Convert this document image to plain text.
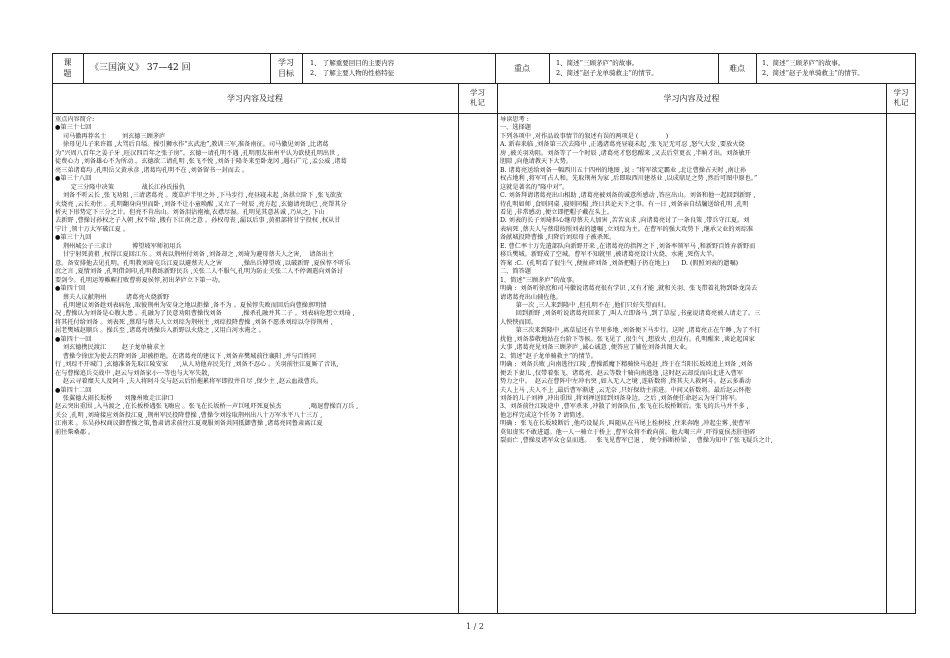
课
题
《三国演义》 37—42 回
学习
目标
1、 了解重要回目的主要内容
2、 了解主要人物的性格特征
重点
1、简述“三顾茅庐”的故事。
2、简述“赵子龙单骑救主”的情节。
难点
1、简述“三顾茅庐”的故事。
2、简述“赵子龙单骑救主”的情节。
学习内容及过程
学习
札记	学习内容及过程
学习
札记
重点内容简介:
●第三十七回
司马徽再荐名士        刘玄德三顾茅庐
徐母见儿子来许都 ,大骂后自缢。操引狮水作“玄武池”,教训三军,准备南征。司马徽见刘备 ,比诸葛
为“兴周八百年之姜子牙 ,旺汉四百年之张子房”。玄德一请孔明不遇 ,孔明朋友崔州平认为欲使孔明出世 ,
徒费心力 ,刘备雄心不为所动 。玄德欲二请孔明 ,张飞不悦 ,刘备于隆冬来至卧龙冈 ,遇石广元 ,孟公威 ,诸葛
亮三弟诸葛均 ,孔明岳父黄承彦 ,诸葛均孔明不在 ,刘备留书一封而去 。
●第三十八回
定三分隆中决策              战长江孙氏报仇
刘备不听云长 ,张飞劝阻 ,三请诸葛亮 。蔑草庐半里之外 ,下马步行 ,亮昼寝未起 ,备拱立阶下 ,张飞欲放
火烧亮 ,云长劝住 。孔明翻身向里而卧 ,刘备不让小童唤醒 ,又立了一时辰 ,亮方起 ,玄德请亮助已 ,亮帮其分
析天下形势定下三分之计。但亮不肯出山。刘备泪沾袍袖,衣襟尽湿。孔明见其意甚诚 ,乃从之, 下山
去新野 ,曹操讨孙权之子入朝 ,权不给 ,搬有下江南之意 。孙权母丧 ,漏以后事 ,黄祖部将甘宁投权 ,权从甘
宁计 ,领十万大军破江夏 。
●第三十九回
荆州城公子三求计          博望坡军师初用兵
甘宁射死黄祖 ,权得江夏回江东 。刘表以荆州付刘备 ,刘备却之 ,刘琦为避母蔡夫人之害,    请备出主
意。备安排他去见孔明。孔明教刘琦屯兵江夏以避蔡夫人之害          ,操出兵博望坡 ,以破新野 ,夏侯惇不听乐
庶之言 ,夏情刘备 ,孔明借剑印,孔明教练新野民兵 ,关张二人不服气,孔明为防止关张二人不停调遣向刘备讨
要剑令。孔明运筹帷幄打败曹将夏侯惇,初出茅庐立下第一功。
●第四十回
蔡夫人议献荆州          诸葛亮火烧新野
孔明建议刘备趁刘表病危 ,取彼荆州为安身之地以拒操 ,备不为 。夏侯惇失败而回后向曹操禀明情
况 ,曹操认为刘备是心腹大患 。孔融为了民意劝阻曹操伐刘备          ,操杀孔融并其二子 。刘表病危想立刘琦 ,
将其托付给刘备 。刘表死 ,蔡瑁与蔡夫人立刘琮为荆州主 ,刘琮投降曹操 ,刘备不愿杀刘琮以夺得荆州 ,
屈老樊城赵顺兵 。操兵至 ,诸葛亮诱操兵入新野以火烧之 ,又用白河水淹之 。
●第四十一回
刘玄德携民渡江        赵子龙单骑求主
曹操令徐庶为使去召降刘备 ,却被拒绝。在诸葛亮的建议下 ,刘备弃樊城前往襄阳 ,并与百姓同
行 ,刘琮不开城门 ,玄德准备先取江陵安家      ,从人劝他弃民先行 ,刘备不忍心 。关羽前往江夏厮了音讯,
在与曹操追兵交战中 ,赵云与刘备家小一等也与大军失散,
赵云寻着糜夫人及阿斗 ,夫人将阿斗交与赵云后怕拖累将军即投井自尽 ,保少主 ,赵云血战曹兵。
●第四十二回
张翼德大闹长坂桥      刘豫州败走江津口
赵云突出重围 ,入马渡之 ,在长板桥遇张飞嗨应 。张飞在长坂桥一声巨吼吓死夏侯杰              ,喝退曹操百万兵 ,
关公 ,孔明 ,刘琦接应刘备投江夏 ,荆州军民投降曹操 ,曹操令刘铨取荆州出八十万军水平八十三万 ,
江南来 。东吴孙权商议御曹操之策,鲁肃请求前往江夏观服刘备共同抵御曹操 ,诸葛亮同鲁肃离江夏
前往柴桑郡 。
导读思考 :
一、选择题
下列各项中 ,对作品故事情节的叙述有误的两项是 (              )
A. 新春来临 ,刘备第三次去隆中 ,正遇诸葛亮昼寝未起 ,张飞足无可忍 ,怒气大发 ,要放火烧
房 ,被关羽劝阻。刘备等了一个时辰 ,诸葛亮才悠悠醒来 ,又去后堂更衣 ,半晌才出。刘备敏开
胆隙 ,向他请教天下大势。
B. 诸葛亮送给刘备一幅西川五十四州的地图 ,说 : “将军欲定霸业 ,北让曹操占天时 ,南让孙
权占地利 ,将军可占人和。先取荆州为家 ,后即取西川建基业 ,以成鼎足之势 ,然后可图中原也。”
这就是著名的“隆中对”。
C. 刘备拜请诸葛亮出山相助 ,诸葛亮被刘备的诚意所感动 ,答应出山。刘备和他一起回到新野 ,
待孔明如师 ,食则同桌 ,寝则同榻 ,终日共论天下之事。有一日 ,刘备亲自结牖送给孔明 ,孔明
看见 ,非常感动 ,便立即把帽子戴在头上。
D. 刘表的长子刘琦担心继母蔡夫人加害 ,苦苦哀求 ,向诸葛亮讨了一条良策 ,带兵守江夏。刘
表病死 ,蔡夫人与蔡瑁按照刘表的遗嘱 ,立刘琮为主。在曹军的强大攻势下 ,继承父业的刘琮准
备献城投降曹操 ,归降后刘琮母子被杀死。
E. 曹仁率十万先遣部队向新野开来 ,在诸葛亮的指挥之下 ,刘备率领军马 ,和新野百姓弃新野而
移兵樊城。新野成了空城。曹军不知就里 ,被诸葛亮设计火烧、水淹 ,死伤大半。
答案 :C.  (孔明看了很生气 ,便扯碎刘备 ,刘备把帽子扔在地上)      D. (假照刘表的遗嘱)
二、简答题
1、简述“三顾茅庐”的故事。
明确 :  刘备听徐庶和司马徽说诸葛亮很有学识 ,又有才能 ,就和关羽、张飞带着礼物到卧龙岗去
请诸葛亮出山辅佐他。
第一次 ,三人来到隆中 ,但孔明不在 ,他们只好失望而归。
回到新野 ,刘备听说诸葛亮回来了 ,叫人立即备马 ,到了草屋 ,书童说诸葛亮被人请走了。三
人怏怏而回。
第三次来到隆中 ,离草屋还有半里多地 ,刘备便下马步行。这时 ,诸葛亮正在午睡 ,为了不打
扰他 ,刘备恭敬地站在台阶下等候。张飞见了 ,很生气 ,想放火 ,但没有。孔明醒来 ,谈论起国家
大事 ,诸葛亮见刘备三顾茅庐 ,诚心诚意 ,便答应了辅佐刘备共图大业。
2、简述“赵子龙单骑救主”的情节。
明确 :  刘备兵败 ,向南逃往江陵 ,曹操派魔下精骑快马追赶 ,终于在当阳长坂坡追上刘备 ,刘备
便丢下妻儿 ,仅带着张飞、诸葛亮、赵云等数十骑向南逃逸 ,这时赵云却反而向北进入曹军
势力之中。  赵云在曹阵中左冲右突 ,如入无人之境 ,连斩数将 ,终其夫人救阿斗。赵云多番动
夫人上马 ,夫人不上 ,最后曹军渐进 ,云无奈 ,只好保幼主前进。中间又斩数将。最后赵云怀抱
刘备的儿子刘禅 ,冲出重围 ,将刘禅送回到刘备身边。之后 ,刘备便任命赵云为牙门将军。
3、刘备前往江陵途中 ,曹军杀来 ,冲散了刘备队伍 ,张飞在长坂桥断后。张飞的兵马并不多 ,
他怎样完成这个任务 ? 请简述。
明确 :  张飞在长坂坡断后 ,他巧设疑兵 ,叫随从在马尾上拴树枝 ,往来奔跑 ,冲起尘雾 ,使曹军
莫知虚实不敢进逼。他一人一骑立于桥上 ,曹军众将不敢向前。他大喝三声 ,吓得夏侯杰肝胆碎
裂而亡 ,曹操及诸军众仓皇而逃。   张飞见曹军已退 ,   便令拆断桥梁 ,   曹操为知中了张飞疑兵之计,
1 / 2
